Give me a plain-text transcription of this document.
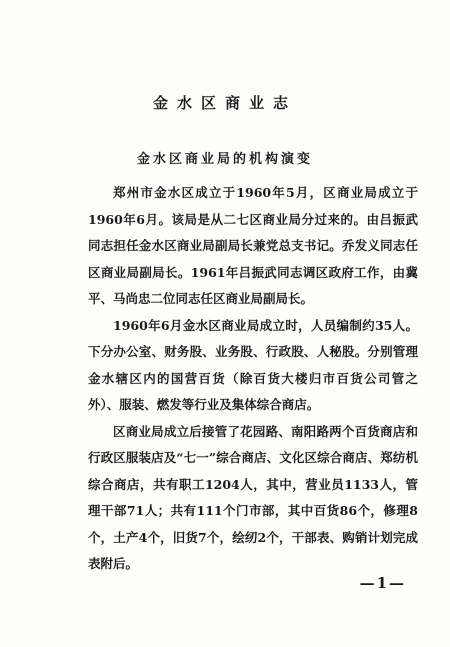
金水区商业志
金水区商业局的机构演变

郑州市金水区成立于1960年5月，区商业局成立于1960年6月。该局是从二七区商业局分过来的。由吕振武同志担任金水区商业局副局长兼党总支书记。乔发义同志任区商业局副局长。1961年吕振武同志调区政府工作，由冀平、马尚忠二位同志任区商业局副局长。

1960年6月金水区商业局成立时，人员编制约35人。下分办公室、财务股、业务股、行政股、人秘股。分别管理金水辖区内的国营百货（除百货大楼归市百货公司管之外）、服装、燃发等行业及集体综合商店。

区商业局成立后接管了花园路、南阳路两个百货商店和行政区服装店及“七一”综合商店、文化区综合商店、郑纺机综合商店，共有职工1204人，其中，营业员1133人，管理干部71人；共有111个门市部，其中百货86个，修理8个，土产4个，旧货7个，绘纫2个，干部表、购销计划完成表附后。

—1—
